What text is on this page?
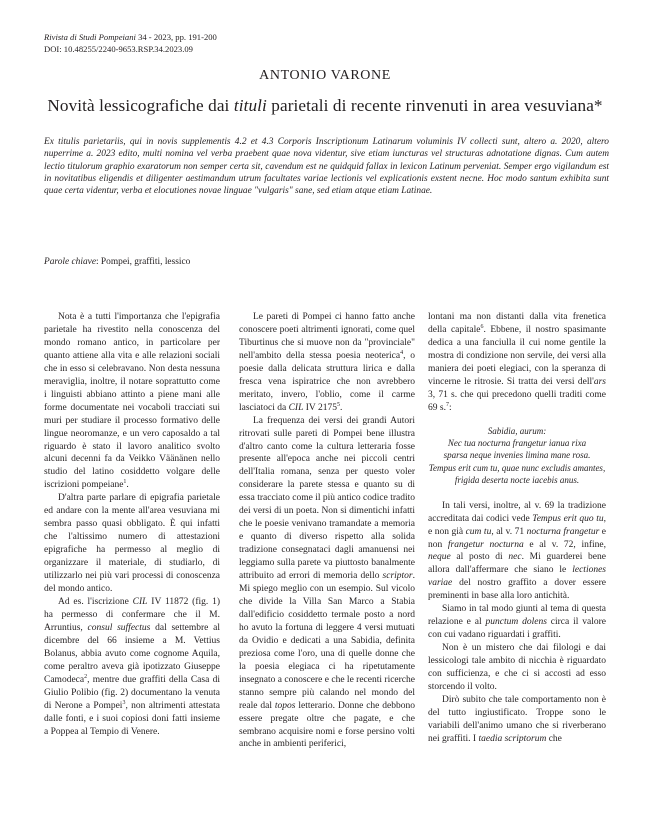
Rivista di Studi Pompeiani 34 - 2023, pp. 191-200
DOI: 10.48255/2240-9653.RSP.34.2023.09
ANTONIO VARONE
Novità lessicografiche dai tituli parietali di recente rinvenuti in area vesuviana*
Ex titulis parietariis, qui in novis supplementis 4.2 et 4.3 Corporis Inscriptionum Latinarum voluminis IV collecti sunt, altero a. 2020, altero nuperrime a. 2023 edito, multi nomina vel verba praebent quae nova videntur, sive etiam iuncturas vel structuras adnotatione dignas. Cum autem lectio titulorum graphio exaratorum non semper certa sit, cavendum est ne quidquid fallax in lexicon Latinum perveniat. Semper ergo vigilandum est in novitatibus eligendis et diligenter aestimandum utrum facultates variae lectionis vel explicationis exstent necne. Hoc modo santum exhibita sunt quae certa videntur, verba et elocutiones novae linguae "vulgaris" sane, sed etiam atque etiam Latinae.
Parole chiave: Pompei, graffiti, lessico

Nota è a tutti l'importanza che l'epigrafia parietale ha rivestito nella conoscenza del mondo romano antico, in particolare per quanto attiene alla vita e alle relazioni sociali che in esso si celebravano. Non desta nessuna meraviglia, inoltre, il notare soprattutto come i linguisti abbiano attinto a piene mani alle forme documentate nei vocaboli tracciati sui muri per studiare il processo formativo delle lingue neoromanze, e un vero caposaldo a tal riguardo è stato il lavoro analitico svolto alcuni decenni fa da Veikko Väänänen nello studio del latino cosiddetto volgare delle iscrizioni pompeiane$^1$.

D'altra parte parlare di epigrafia parietale ed andare con la mente all'area vesuviana mi sembra passo quasi obbligato. È qui infatti che l'altissimo numero di attestazioni epigrafiche ha permesso al meglio di organizzare il materiale, di studiarlo, di utilizzarlo nei più vari processi di conoscenza del mondo antico.

Ad es. l'iscrizione CIL IV 11872 (fig. 1) ha permesso di confermare che il M. Arruntius, consul suffectus dal settembre al dicembre del 66 insieme a M. Vettius Bolanus, abbia avuto come cognome Aquila, come peraltro aveva già ipotizzato Giuseppe Camodeca$^2$, mentre due graffiti della Casa di Giulio Polibio (fig. 2) documentano la venuta di Nerone a Pompei$^3$, non altrimenti attestata dalle fonti, e i suoi copiosi doni fatti insieme a Poppea al Tempio di Venere.

Le pareti di Pompei ci hanno fatto anche conoscere poeti altrimenti ignorati, come quel Tiburtinus che si muove non da "provinciale" nell'ambito della stessa poesia neoterica$^4$, o poesie dalla delicata struttura lirica e dalla fresca vena ispiratrice che non avrebbero meritato, invero, l'oblio, come il carme lasciatoci da CIL IV 2175$^5$.

La frequenza dei versi dei grandi Autori ritrovati sulle pareti di Pompei bene illustra d'altro canto come la cultura letteraria fosse presente all'epoca anche nei piccoli centri dell'Italia romana, senza per questo voler considerare la parete stessa e quanto su di essa tracciato come il più antico codice tradito dei versi di un poeta. Non si dimentichi infatti che le poesie venivano tramandate a memoria e quanto di diverso rispetto alla solida tradizione consegnataci dagli amanuensi nei leggiamo sulla parete va piuttosto banalmente attribuito ad errori di memoria dello scriptor. Mi spiego meglio con un esempio. Sul vicolo che divide la Villa San Marco a Stabia dall'edificio cosiddetto termale posto a nord ho avuto la fortuna di leggere 4 versi mutuati da Ovidio e dedicati a una Sabidia, definita preziosa come l'oro, una di quelle donne che la poesia elegiaca ci ha ripetutamente insegnato a conoscere e che le recenti ricerche stanno sempre più calando nel mondo del reale dal topos letterario. Donne che debbono essere pregate oltre che pagate, e che sembrano acquisire nomi e forse persino volti anche in ambienti periferici,

lontani ma non distanti dalla vita frenetica della capitale$^6$. Ebbene, il nostro spasimante dedica a una fanciulla il cui nome gentile la mostra di condizione non servile, dei versi alla maniera dei poeti elegiaci, con la speranza di vincerne le ritrosie. Si tratta dei versi dell'ars 3, 71 s. che qui precedono quelli traditi come 69 s.$^7$:

Sabidia, aurum:
Nec tua nocturna frangetur ianua rixa
sparsa neque invenies limina mane rosa.
Tempus erit cum tu, quae nunc excludis amantes,
frigida deserta nocte iacebis anus.

In tali versi, inoltre, al v. 69 la tradizione accreditata dai codici vede Tempus erit quo tu, e non già cum tu, al v. 71 nocturna frangetur e non frangetur nocturna e al v. 72, infine, neque al posto di nec. Mi guarderei bene allora dall'affermare che siano le lectiones variae del nostro graffito a dover essere preminenti in base alla loro antichità.

Siamo in tal modo giunti al tema di questa relazione e al punctum dolens circa il valore con cui vadano riguardati i graffiti.

Non è un mistero che dai filologi e dai lessicologi tale ambito di nicchia è riguardato con sufficienza, e che ci si accosti ad esso storcendo il volto.

Dirò subito che tale comportamento non è del tutto ingiustificato. Troppe sono le variabili dell'animo umano che si riverberano nei graffiti. I taedia scriptorum che
